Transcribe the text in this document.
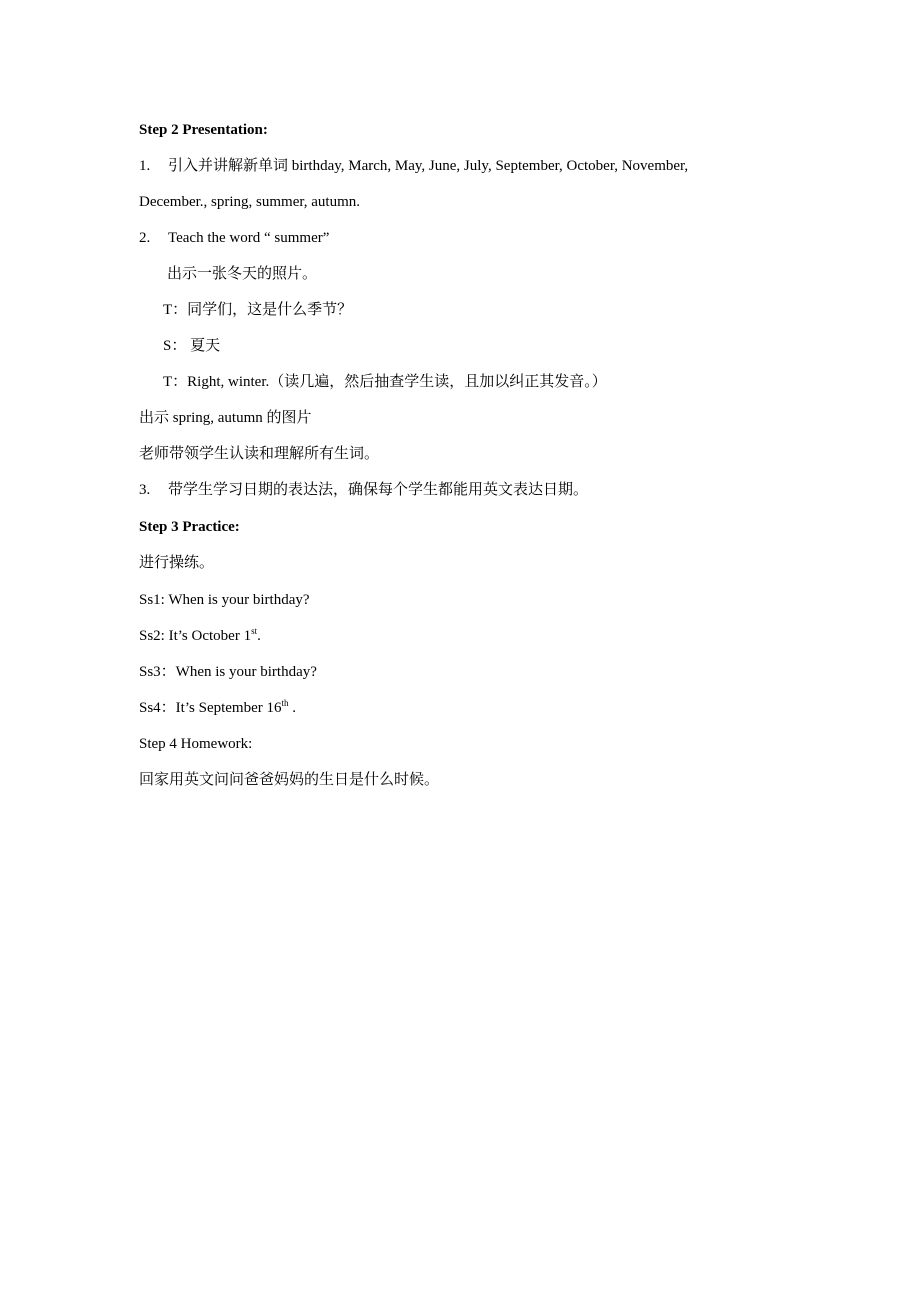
Step 2 Presentation:
1. 引入并讲解新单词 birthday, March, May, June, July, September, October, November,
December., spring, summer, autumn.
2. Teach the word “ summer”
出示一张冬天的照片。
T：同学们，这是什么季节？
S： 夏天
T：Right, winter.（读几遍，然后抽查学生读，且加以纠正其发音。）
出示 spring, autumn 的图片
老师带领学生认读和理解所有生词。
3. 带学生学习日期的表达法，确保每个学生都能用英文表达日期。
Step 3 Practice:
进行操练。
Ss1: When is your birthday?
Ss2: It’s October 1st.
Ss3：When is your birthday?
Ss4：It’s September 16th .
Step 4 Homework:
回家用英文问问爸爸妈妈的生日是什么时候。
